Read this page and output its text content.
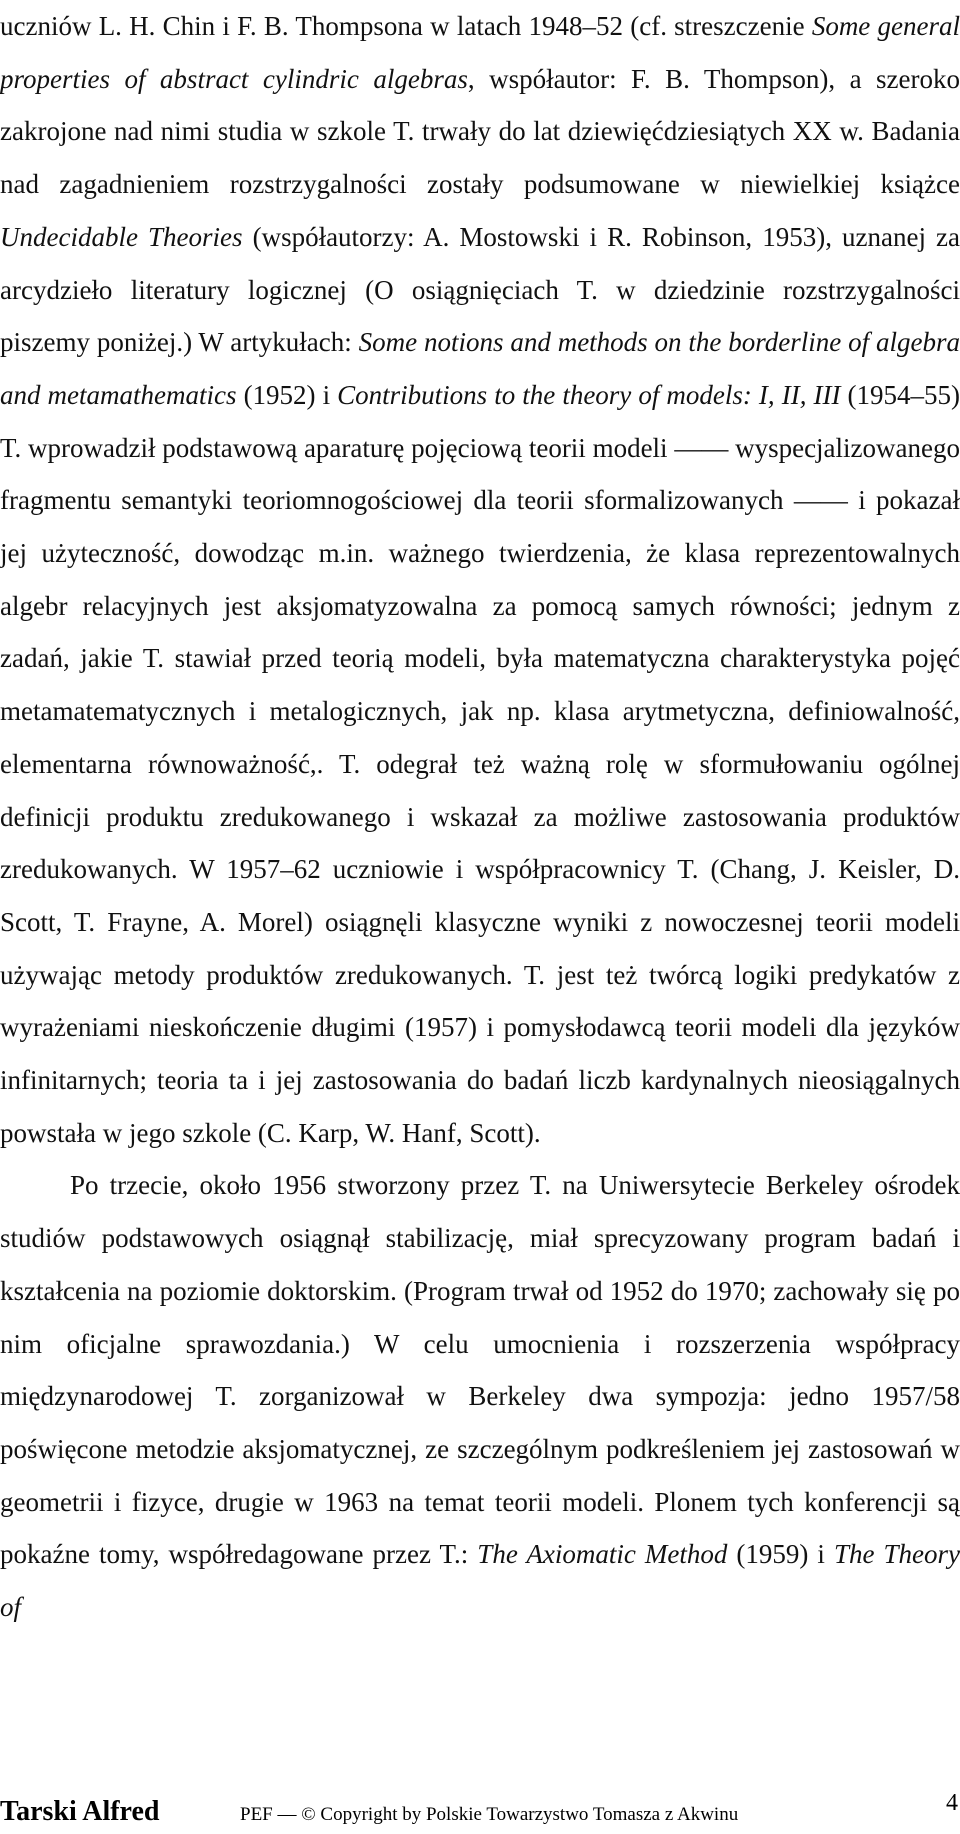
uczniów L. H. Chin i F. B. Thompsona w latach 1948–52 (cf. streszczenie Some general properties of abstract cylindric algebras, współautor: F. B. Thompson), a szeroko zakrojone nad nimi studia w szkole T. trwały do lat dziewięćdziesiątych XX w. Badania nad zagadnieniem rozstrzygalności zostały podsumowane w niewielkiej książce Undecidable Theories (współautorzy: A. Mostowski i R. Robinson, 1953), uznanej za arcydzieło literatury logicznej (O osiągnięciach T. w dziedzinie rozstrzygalności piszemy poniżej.) W artykułach: Some notions and methods on the borderline of algebra and metamathematics (1952) i Contributions to the theory of models: I, II, III (1954–55) T. wprowadził podstawową aparaturę pojęciową teorii modeli —— wyspecjalizowanego fragmentu semantyki teoriomnogościowej dla teorii sformalizowanych —— i pokazał jej użyteczność, dowodząc m.in. ważnego twierdzenia, że klasa reprezentowalnych algebr relacyjnych jest aksjomatyzowalna za pomocą samych równości; jednym z zadań, jakie T. stawiał przed teorią modeli, była matematyczna charakterystyka pojęć metamatematycznych i metalogicznych, jak np. klasa arytmetyczna, definiowalność, elementarna równoważność,. T. odegrał też ważną rolę w sformułowaniu ogólnej definicji produktu zredukowanego i wskazał za możliwe zastosowania produktów zredukowanych. W 1957–62 uczniowie i współpracownicy T. (Chang, J. Keisler, D. Scott, T. Frayne, A. Morel) osiągnęli klasyczne wyniki z nowoczesnej teorii modeli używając metody produktów zredukowanych. T. jest też twórcą logiki predykatów z wyrażeniami nieskończenie długimi (1957) i pomysłodawcą teorii modeli dla języków infinitarnych; teoria ta i jej zastosowania do badań liczb kardynalnych nieosiągalnych powstała w jego szkole (C. Karp, W. Hanf, Scott).

Po trzecie, około 1956 stworzony przez T. na Uniwersytecie Berkeley ośrodek studiów podstawowych osiągnął stabilizację, miał sprecyzowany program badań i kształcenia na poziomie doktorskim. (Program trwał od 1952 do 1970; zachowały się po nim oficjalne sprawozdania.) W celu umocnienia i rozszerzenia współpracy międzynarodowej T. zorganizował w Berkeley dwa sympozja: jedno 1957/58 poświęcone metodzie aksjomatycznej, ze szczególnym podkreśleniem jej zastosowań w geometrii i fizyce, drugie w 1963 na temat teorii modeli. Plonem tych konferencji są pokaźne tomy, współredagowane przez T.: The Axiomatic Method (1959) i The Theory of

Tarski Alfred	PEF — © Copyright by Polskie Towarzystwo Tomasza z Akwinu	4
